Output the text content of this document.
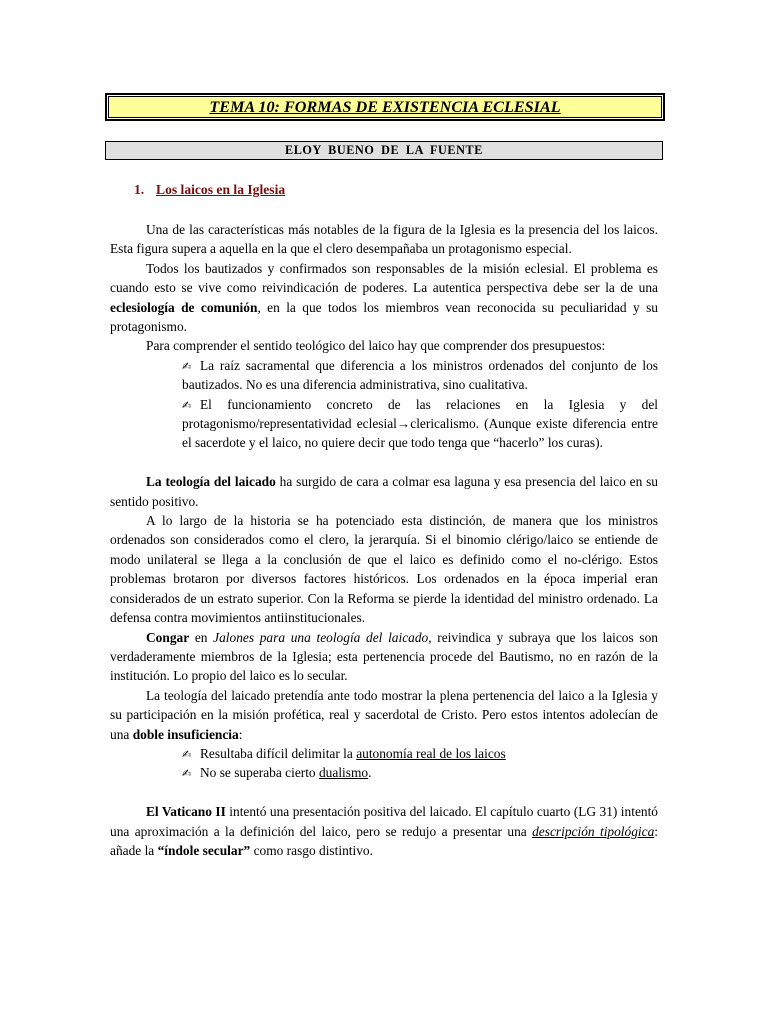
TEMA 10: FORMAS DE EXISTENCIA ECLESIAL
ELOY BUENO DE LA FUENTE
1. Los laicos en la Iglesia

Una de las características más notables de la figura de la Iglesia es la presencia del los laicos. Esta figura supera a aquella en la que el clero desempañaba un protagonismo especial.

Todos los bautizados y confirmados son responsables de la misión eclesial. El problema es cuando esto se vive como reivindicación de poderes. La autentica perspectiva debe ser la de una eclesiología de comunión, en la que todos los miembros vean reconocida su peculiaridad y su protagonismo.

Para comprender el sentido teológico del laico hay que comprender dos presupuestos:

✍ La raíz sacramental que diferencia a los ministros ordenados del conjunto de los bautizados. No es una diferencia administrativa, sino cualitativa.
✍ El funcionamiento concreto de las relaciones en la Iglesia y del protagonismo/representatividad eclesial→clericalismo. (Aunque existe diferencia entre el sacerdote y el laico, no quiere decir que todo tenga que “hacerlo” los curas).

La teología del laicado ha surgido de cara a colmar esa laguna y esa presencia del laico en su sentido positivo.

A lo largo de la historia se ha potenciado esta distinción, de manera que los ministros ordenados son considerados como el clero, la jerarquía. Si el binomio clérigo/laico se entiende de modo unilateral se llega a la conclusión de que el laico es definido como el no-clérigo. Estos problemas brotaron por diversos factores históricos. Los ordenados en la época imperial eran considerados de un estrato superior. Con la Reforma se pierde la identidad del ministro ordenado. La defensa contra movimientos antiinstitucionales.

Congar en Jalones para una teología del laicado, reivindica y subraya que los laicos son verdaderamente miembros de la Iglesia; esta pertenencia procede del Bautismo, no en razón de la institución. Lo propio del laico es lo secular.

La teología del laicado pretendía ante todo mostrar la plena pertenencia del laico a la Iglesia y su participación en la misión profética, real y sacerdotal de Cristo. Pero estos intentos adolecían de una doble insuficiencia:

✍ Resultaba difícil delimitar la autonomía real de los laicos
✍ No se superaba cierto dualismo.

El Vaticano II intentó una presentación positiva del laicado. El capítulo cuarto (LG 31) intentó una aproximación a la definición del laico, pero se redujo a presentar una descripción tipológica: añade la “índole secular” como rasgo distintivo.
